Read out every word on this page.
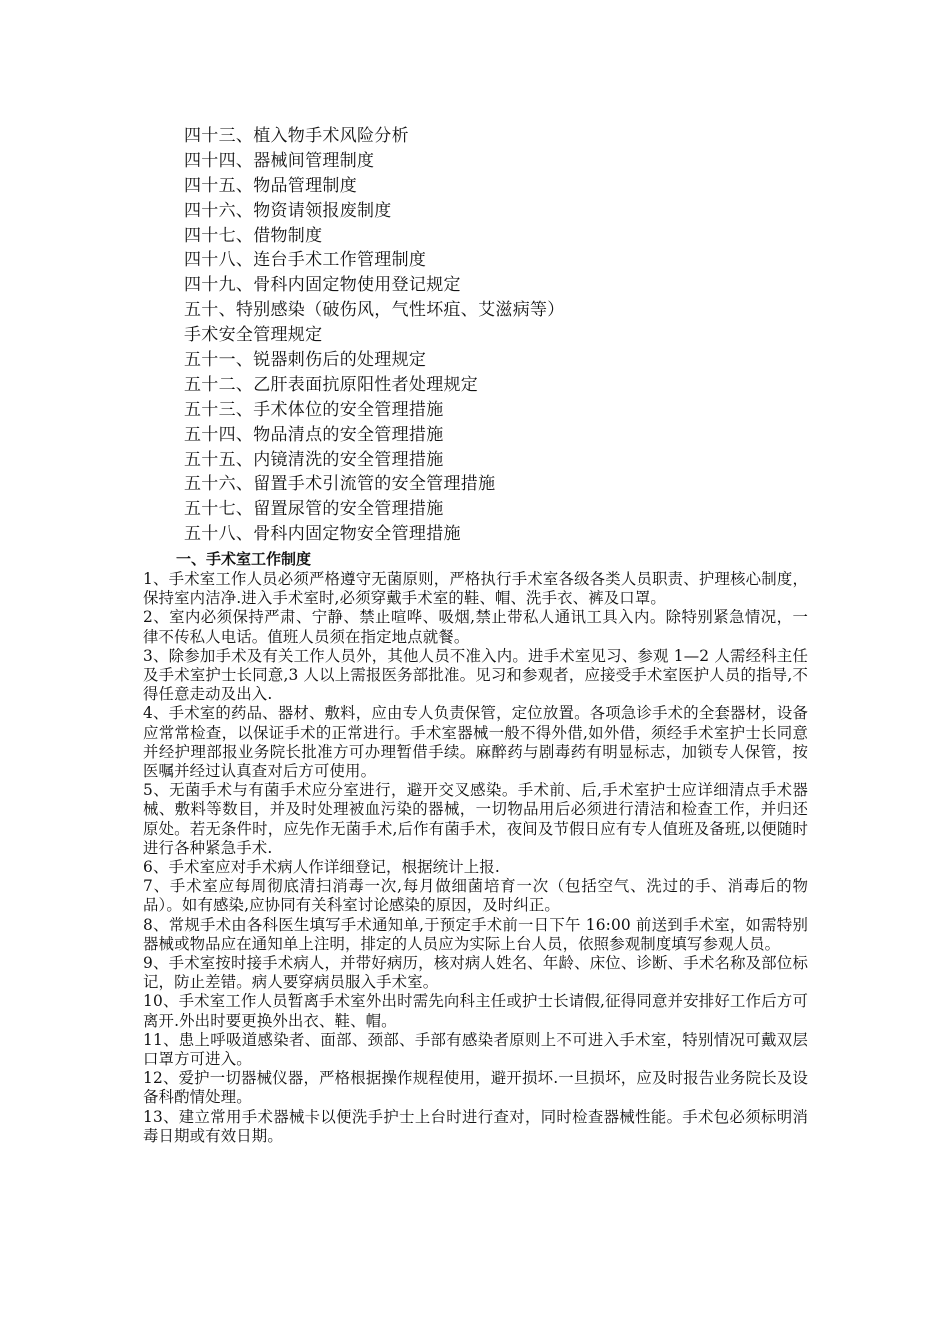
四十三、植入物手术风险分析
四十四、器械间管理制度
四十五、物品管理制度
四十六、物资请领报废制度
四十七、借物制度
四十八、连台手术工作管理制度
四十九、骨科内固定物使用登记规定
五十、特别感染（破伤风，气性坏疽、艾滋病等）
手术安全管理规定
五十一、锐器刺伤后的处理规定
五十二、乙肝表面抗原阳性者处理规定
五十三、手术体位的安全管理措施
五十四、物品清点的安全管理措施
五十五、内镜清洗的安全管理措施
五十六、留置手术引流管的安全管理措施
五十七、留置尿管的安全管理措施
五十八、骨科内固定物安全管理措施
一、手术室工作制度
1、手术室工作人员必须严格遵守无菌原则，严格执行手术室各级各类人员职责、护理核心制度，保持室内洁净.进入手术室时,必须穿戴手术室的鞋、帽、洗手衣、裤及口罩。
2、室内必须保持严肃、宁静、禁止喧哗、吸烟,禁止带私人通讯工具入内。除特别紧急情况，一律不传私人电话。值班人员须在指定地点就餐。
3、除参加手术及有关工作人员外，其他人员不准入内。进手术室见习、参观 1—2 人需经科主任及手术室护士长同意,3 人以上需报医务部批准。见习和参观者，应接受手术室医护人员的指导,不得任意走动及出入.
4、手术室的药品、器材、敷料，应由专人负责保管，定位放置。各项急诊手术的全套器材，设备应常常检查，以保证手术的正常进行。手术室器械一般不得外借,如外借，须经手术室护士长同意并经护理部报业务院长批准方可办理暂借手续。麻醉药与剧毒药有明显标志，加锁专人保管，按医嘱并经过认真查对后方可使用。
5、无菌手术与有菌手术应分室进行，避开交叉感染。手术前、后,手术室护士应详细清点手术器械、敷料等数目，并及时处理被血污染的器械，一切物品用后必须进行清洁和检查工作，并归还原处。若无条件时，应先作无菌手术,后作有菌手术，夜间及节假日应有专人值班及备班,以便随时进行各种紧急手术.
6、手术室应对手术病人作详细登记，根据统计上报.
7、手术室应每周彻底清扫消毒一次,每月做细菌培育一次（包括空气、洗过的手、消毒后的物品）。如有感染,应协同有关科室讨论感染的原因，及时纠正。
8、常规手术由各科医生填写手术通知单,于预定手术前一日下午 16:00 前送到手术室，如需特别器械或物品应在通知单上注明，排定的人员应为实际上台人员，依照参观制度填写参观人员。
9、手术室按时接手术病人，并带好病历，核对病人姓名、年龄、床位、诊断、手术名称及部位标记，防止差错。病人要穿病员服入手术室。
10、手术室工作人员暂离手术室外出时需先向科主任或护士长请假,征得同意并安排好工作后方可离开.外出时要更换外出衣、鞋、帽。
11、患上呼吸道感染者、面部、颈部、手部有感染者原则上不可进入手术室，特别情况可戴双层口罩方可进入。
12、爱护一切器械仪器，严格根据操作规程使用，避开损坏.一旦损坏，应及时报告业务院长及设备科酌情处理。
13、建立常用手术器械卡以便洗手护士上台时进行查对，同时检查器械性能。手术包必须标明消毒日期或有效日期。
